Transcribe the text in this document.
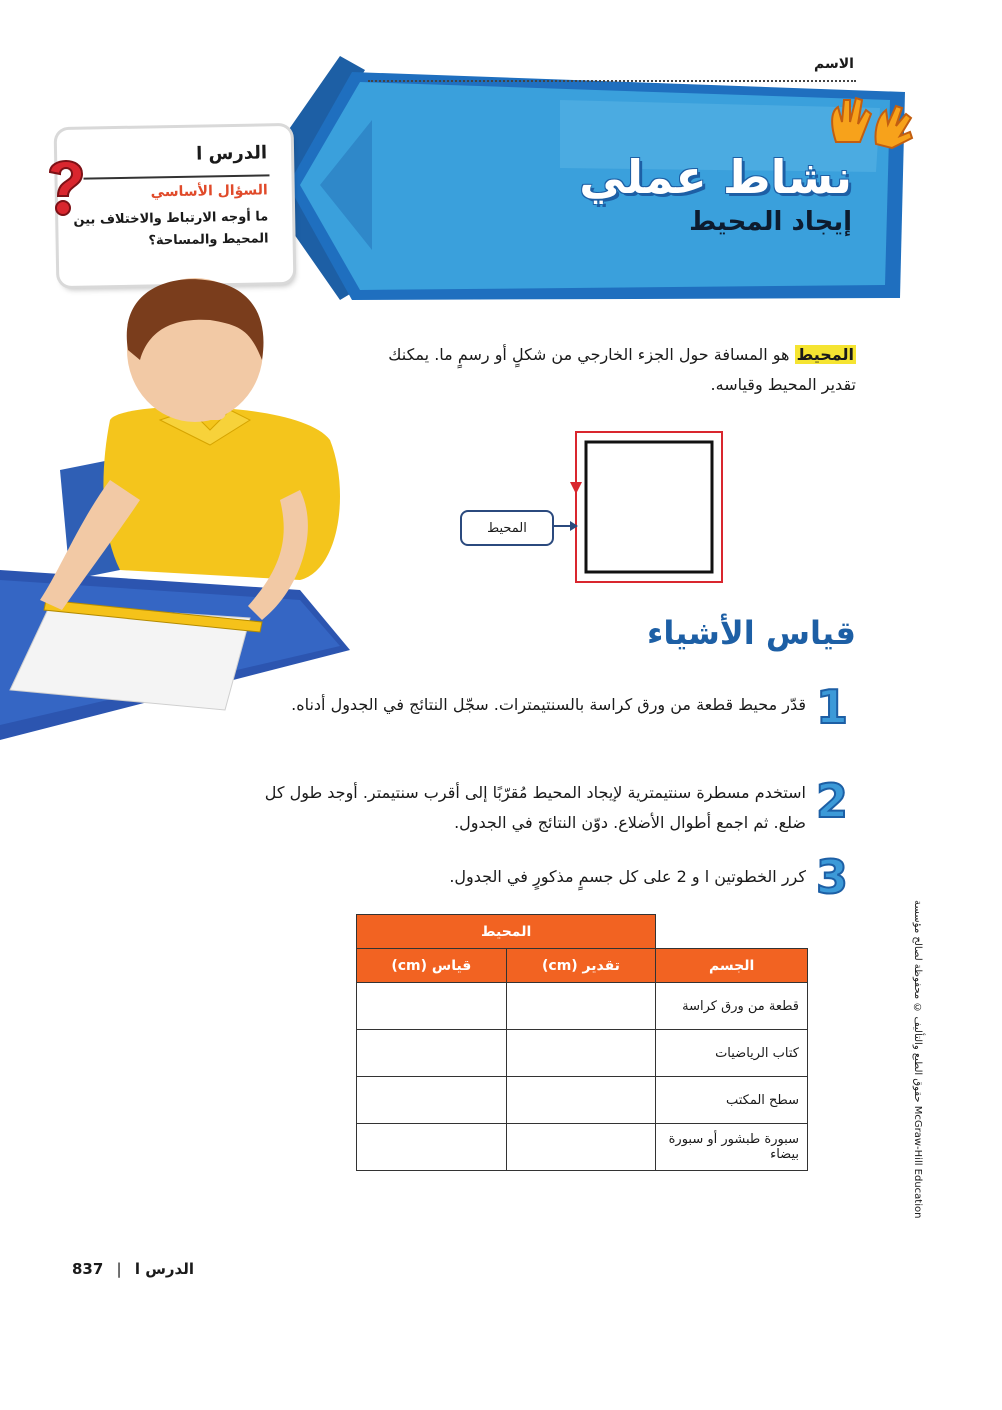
الاسم
نشاط عملي
إيجاد المحيط
الدرس ا
السؤال الأساسي
ما أوجه الارتباط والاختلاف بين المحيط والمساحة؟
المحيط هو المسافة حول الجزء الخارجي من شكلٍ أو رسمٍ ما. يمكنك تقدير المحيط وقياسه.
المحيط
قياس الأشياء
1
قدّر محيط قطعة من ورق كراسة بالسنتيمترات. سجّل النتائج في الجدول أدناه.
2
استخدم مسطرة سنتيمترية لإيجاد المحيط مُقرّبًا إلى أقرب سنتيمتر. أوجد طول كل ضلع. ثم اجمع أطوال الأضلاع. دوّن النتائج في الجدول.
3
كرر الخطوتين ا و 2 على كل جسمٍ مذكورٍ في الجدول.
	المحيط	
الجسم	تقدير (cm)	قياس (cm)
قطعة من ورق كراسة		
كتاب الرياضيات		
سطح المكتب		
سبورة طبشور أو سبورة بيضاء		
حقوق الطبع والتأليف © محفوظة لصالح مؤسسة McGraw-Hill Education
837 | الدرس ا
